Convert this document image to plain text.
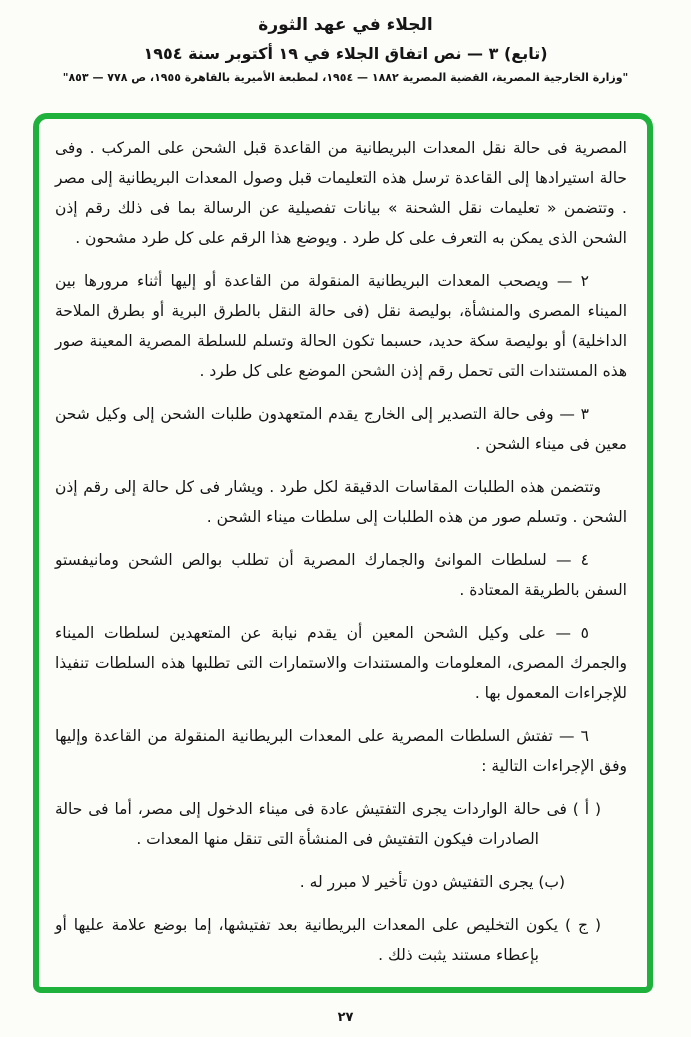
الجلاء في عهد الثورة
(تابع) ٣ — نص اتفاق الجلاء في ١٩ أكتوبر سنة ١٩٥٤
"وزارة الخارجية المصرية، القضية المصرية ١٨٨٢ — ١٩٥٤، لمطبعة الأميرية بالقاهرة ١٩٥٥، ص ٧٧٨ — ٨٥٣"

المصرية فى حالة نقل المعدات البريطانية من القاعدة قبل الشحن على المركب . وفى حالة استيرادها إلى القاعدة ترسل هذه التعليمات قبل وصول المعدات البريطانية إلى مصر . وتتضمن « تعليمات نقل الشحنة » بيانات تفصيلية عن الرسالة بما فى ذلك رقم إذن الشحن الذى يمكن به التعرف على كل طرد . ويوضع هذا الرقم على كل طرد مشحون .

٢ — ويصحب المعدات البريطانية المنقولة من القاعدة أو إليها أثناء مرورها بين الميناء المصرى والمنشأة، بوليصة نقل (فى حالة النقل بالطرق البرية أو بطرق الملاحة الداخلية) أو بوليصة سكة حديد، حسبما تكون الحالة وتسلم للسلطة المصرية المعينة صور هذه المستندات التى تحمل رقم إذن الشحن الموضع على كل طرد .

٣ — وفى حالة التصدير إلى الخارج يقدم المتعهدون طلبات الشحن إلى وكيل شحن معين فى ميناء الشحن .

وتتضمن هذه الطلبات المقاسات الدقيقة لكل طرد . ويشار فى كل حالة إلى رقم إذن الشحن . وتسلم صور من هذه الطلبات إلى سلطات ميناء الشحن .

٤ — لسلطات الموانئ والجمارك المصرية أن تطلب بوالص الشحن ومانيفستو السفن بالطريقة المعتادة .

٥ — على وكيل الشحن المعين أن يقدم نيابة عن المتعهدين لسلطات الميناء والجمرك المصرى، المعلومات والمستندات والاستمارات التى تطلبها هذه السلطات تنفيذا للإجراءات المعمول بها .

٦ — تفتش السلطات المصرية على المعدات البريطانية المنقولة من القاعدة وإليها وفق الإجراءات التالية :

( أ ) فى حالة الواردات يجرى التفتيش عادة فى ميناء الدخول إلى مصر، أما فى حالة الصادرات فيكون التفتيش فى المنشأة التى تنقل منها المعدات .

(ب) يجرى التفتيش دون تأخير لا مبرر له .

( ج ) يكون التخليص على المعدات البريطانية بعد تفتيشها، إما بوضع علامة عليها أو بإعطاء مستند يثبت ذلك .

٢٧
